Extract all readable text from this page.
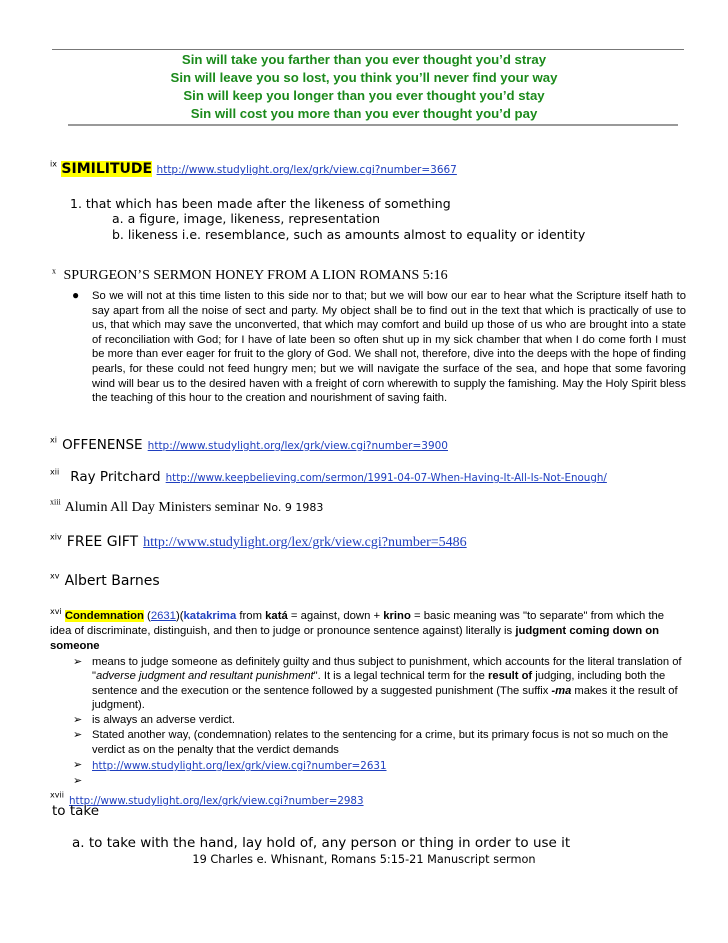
Sin will take you farther than you ever thought you’d stray
Sin will leave you so lost, you think you’ll never find your way
Sin will keep you longer than you ever thought you’d stay
Sin will cost you more than you ever thought you’d pay
$^{ix}$ SIMILITUDE http://www.studylight.org/lex/grk/view.cgi?number=3667
1. that which has been made after the likeness of something
a. a figure, image, likeness, representation
b. likeness i.e. resemblance, such as amounts almost to equality or identity
$^x$ SPURGEON’S SERMON HONEY FROM A LION ROMANS 5:16
● So we will not at this time listen to this side nor to that; but we will bow our ear to hear what the Scripture itself hath to say apart from all the noise of sect and party. My object shall be to find out in the text that which is practically of use to us, that which may save the unconverted, that which may comfort and build up those of us who are brought into a state of reconciliation with God; for I have of late been so often shut up in my sick chamber that when I do come forth I must be more than ever eager for fruit to the glory of God. We shall not, therefore, dive into the deeps with the hope of finding pearls, for these could not feed hungry men; but we will navigate the surface of the sea, and hope that some favoring wind will bear us to the desired haven with a freight of corn wherewith to supply the famishing. May the Holy Spirit bless the teaching of this hour to the creation and nourishment of saving faith.
$^{xi}$ OFFENENSE http://www.studylight.org/lex/grk/view.cgi?number=3900
$^{xii}$ Ray Pritchard http://www.keepbelieving.com/sermon/1991-04-07-When-Having-It-All-Is-Not-Enough/
$^{xiii}$ Alumin All Day Ministers seminar No. 9 1983
$^{xiv}$ FREE GIFT http://www.studylight.org/lex/grk/view.cgi?number=5486
$^{xv}$ Albert Barnes
$^{xvi}$ Condemnation (2631)(katakrima from katá = against, down + krino = basic meaning was "to separate" from which the idea of discriminate, distinguish, and then to judge or pronounce sentence against) literally is judgment coming down on someone
➢ means to judge someone as definitely guilty and thus subject to punishment, which accounts for the literal translation of "adverse judgment and resultant punishment". It is a legal technical term for the result of judging, including both the sentence and the execution or the sentence followed by a suggested punishment (The suffix -ma makes it the result of judgment).
➢ is always an adverse verdict.
➢ Stated another way, (condemnation) relates to the sentencing for a crime, but its primary focus is not so much on the verdict as on the penalty that the verdict demands
➢ http://www.studylight.org/lex/grk/view.cgi?number=2631
➢
$^{xvii}$ http://www.studylight.org/lex/grk/view.cgi?number=2983
to take
a. to take with the hand, lay hold of, any person or thing in order to use it
19 Charles e. Whisnant, Romans 5:15-21 Manuscript sermon
